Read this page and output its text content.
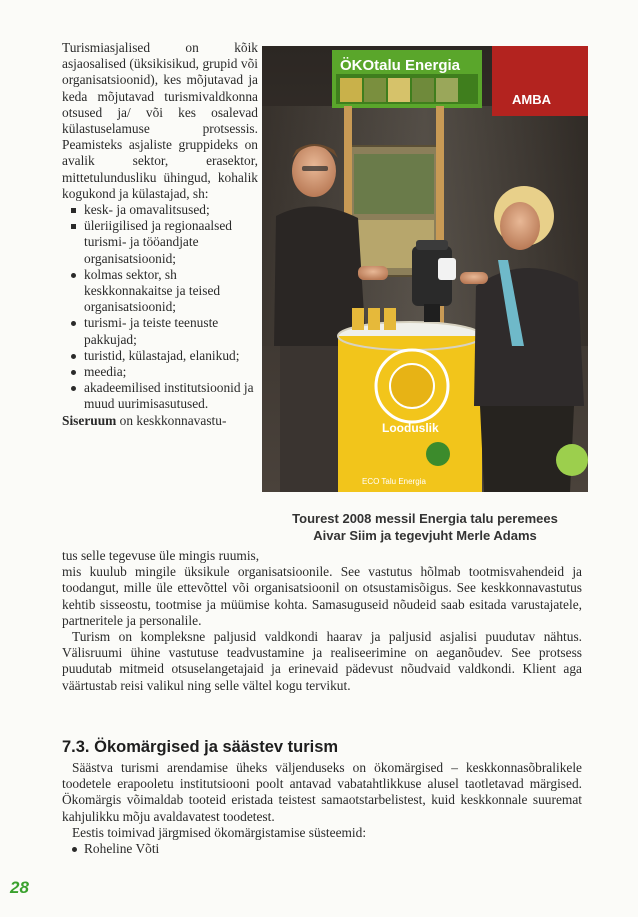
Turismiasjalised on kõik asjaosalised (üksikisikud, grupid või organisatsioonid), kes mõjutavad ja keda mõjutavad turismivaldkonna otsused ja/ või kes osalevad külastuselamuse protsessis. Peamisteks asjaliste gruppideks on avalik sektor, erasektor, mittetulundusliku ühingud, kohalik kogukond ja külastajad, sh:

kesk- ja omavalitsused;
üleriigilised ja regionaalsed turismi- ja tööandjate organisatsioonid;
kolmas sektor, sh keskkonnakaitse ja teised organisatsioonid;
turismi- ja teiste teenuste pakkujad;
turistid, külastajad, elanikud;
meedia;
akadeemilised institutsioonid ja muud uurimisasutused.

Siseruum on keskkonnavastu-

AMBA
ÖKOtalu Energia
Looduslik
ECO Talu Energia
Tourest 2008 messil Energia talu peremees
Aivar Siim ja tegevjuht Merle Adams

tus selle tegevuse üle mingis ruumis,

mis kuulub mingile üksikule organisatsioonile. See vastutus hõlmab tootmisvahendeid ja toodangut, mille üle ettevõttel või organisatsioonil on otsustamisõigus. See keskkonnavastutus kehtib sisseostu, tootmise ja müümise kohta. Samasuguseid nõudeid saab esitada varustajatele, partneritele ja personalile.

Turism on kompleksne paljusid valdkondi haarav ja paljusid asjalisi puudutav nähtus. Välisruumi ühine vastutuse teadvustamine ja realiseerimine on aeganõudev. See protsess puudutab mitmeid otsuselangetajaid ja erinevaid pädevust nõudvaid valdkondi. Klient aga väärtustab reisi valikul ning selle vältel kogu tervikut.

7.3. Ökomärgised ja säästev turism

Säästva turismi arendamise üheks väljenduseks on ökomärgised – keskkonnasõbralikele toodetele erapooletu institutsiooni poolt antavad vabatahtlikkuse alusel taotletavad märgised. Ökomärgis võimaldab tooteid eristada teistest samaotstarbelistest, kuid keskkonnale suuremat kahjulikku mõju avaldavatest toodetest.

Eestis toimivad järgmised ökomärgistamise süsteemid:

Roheline Võti
28
